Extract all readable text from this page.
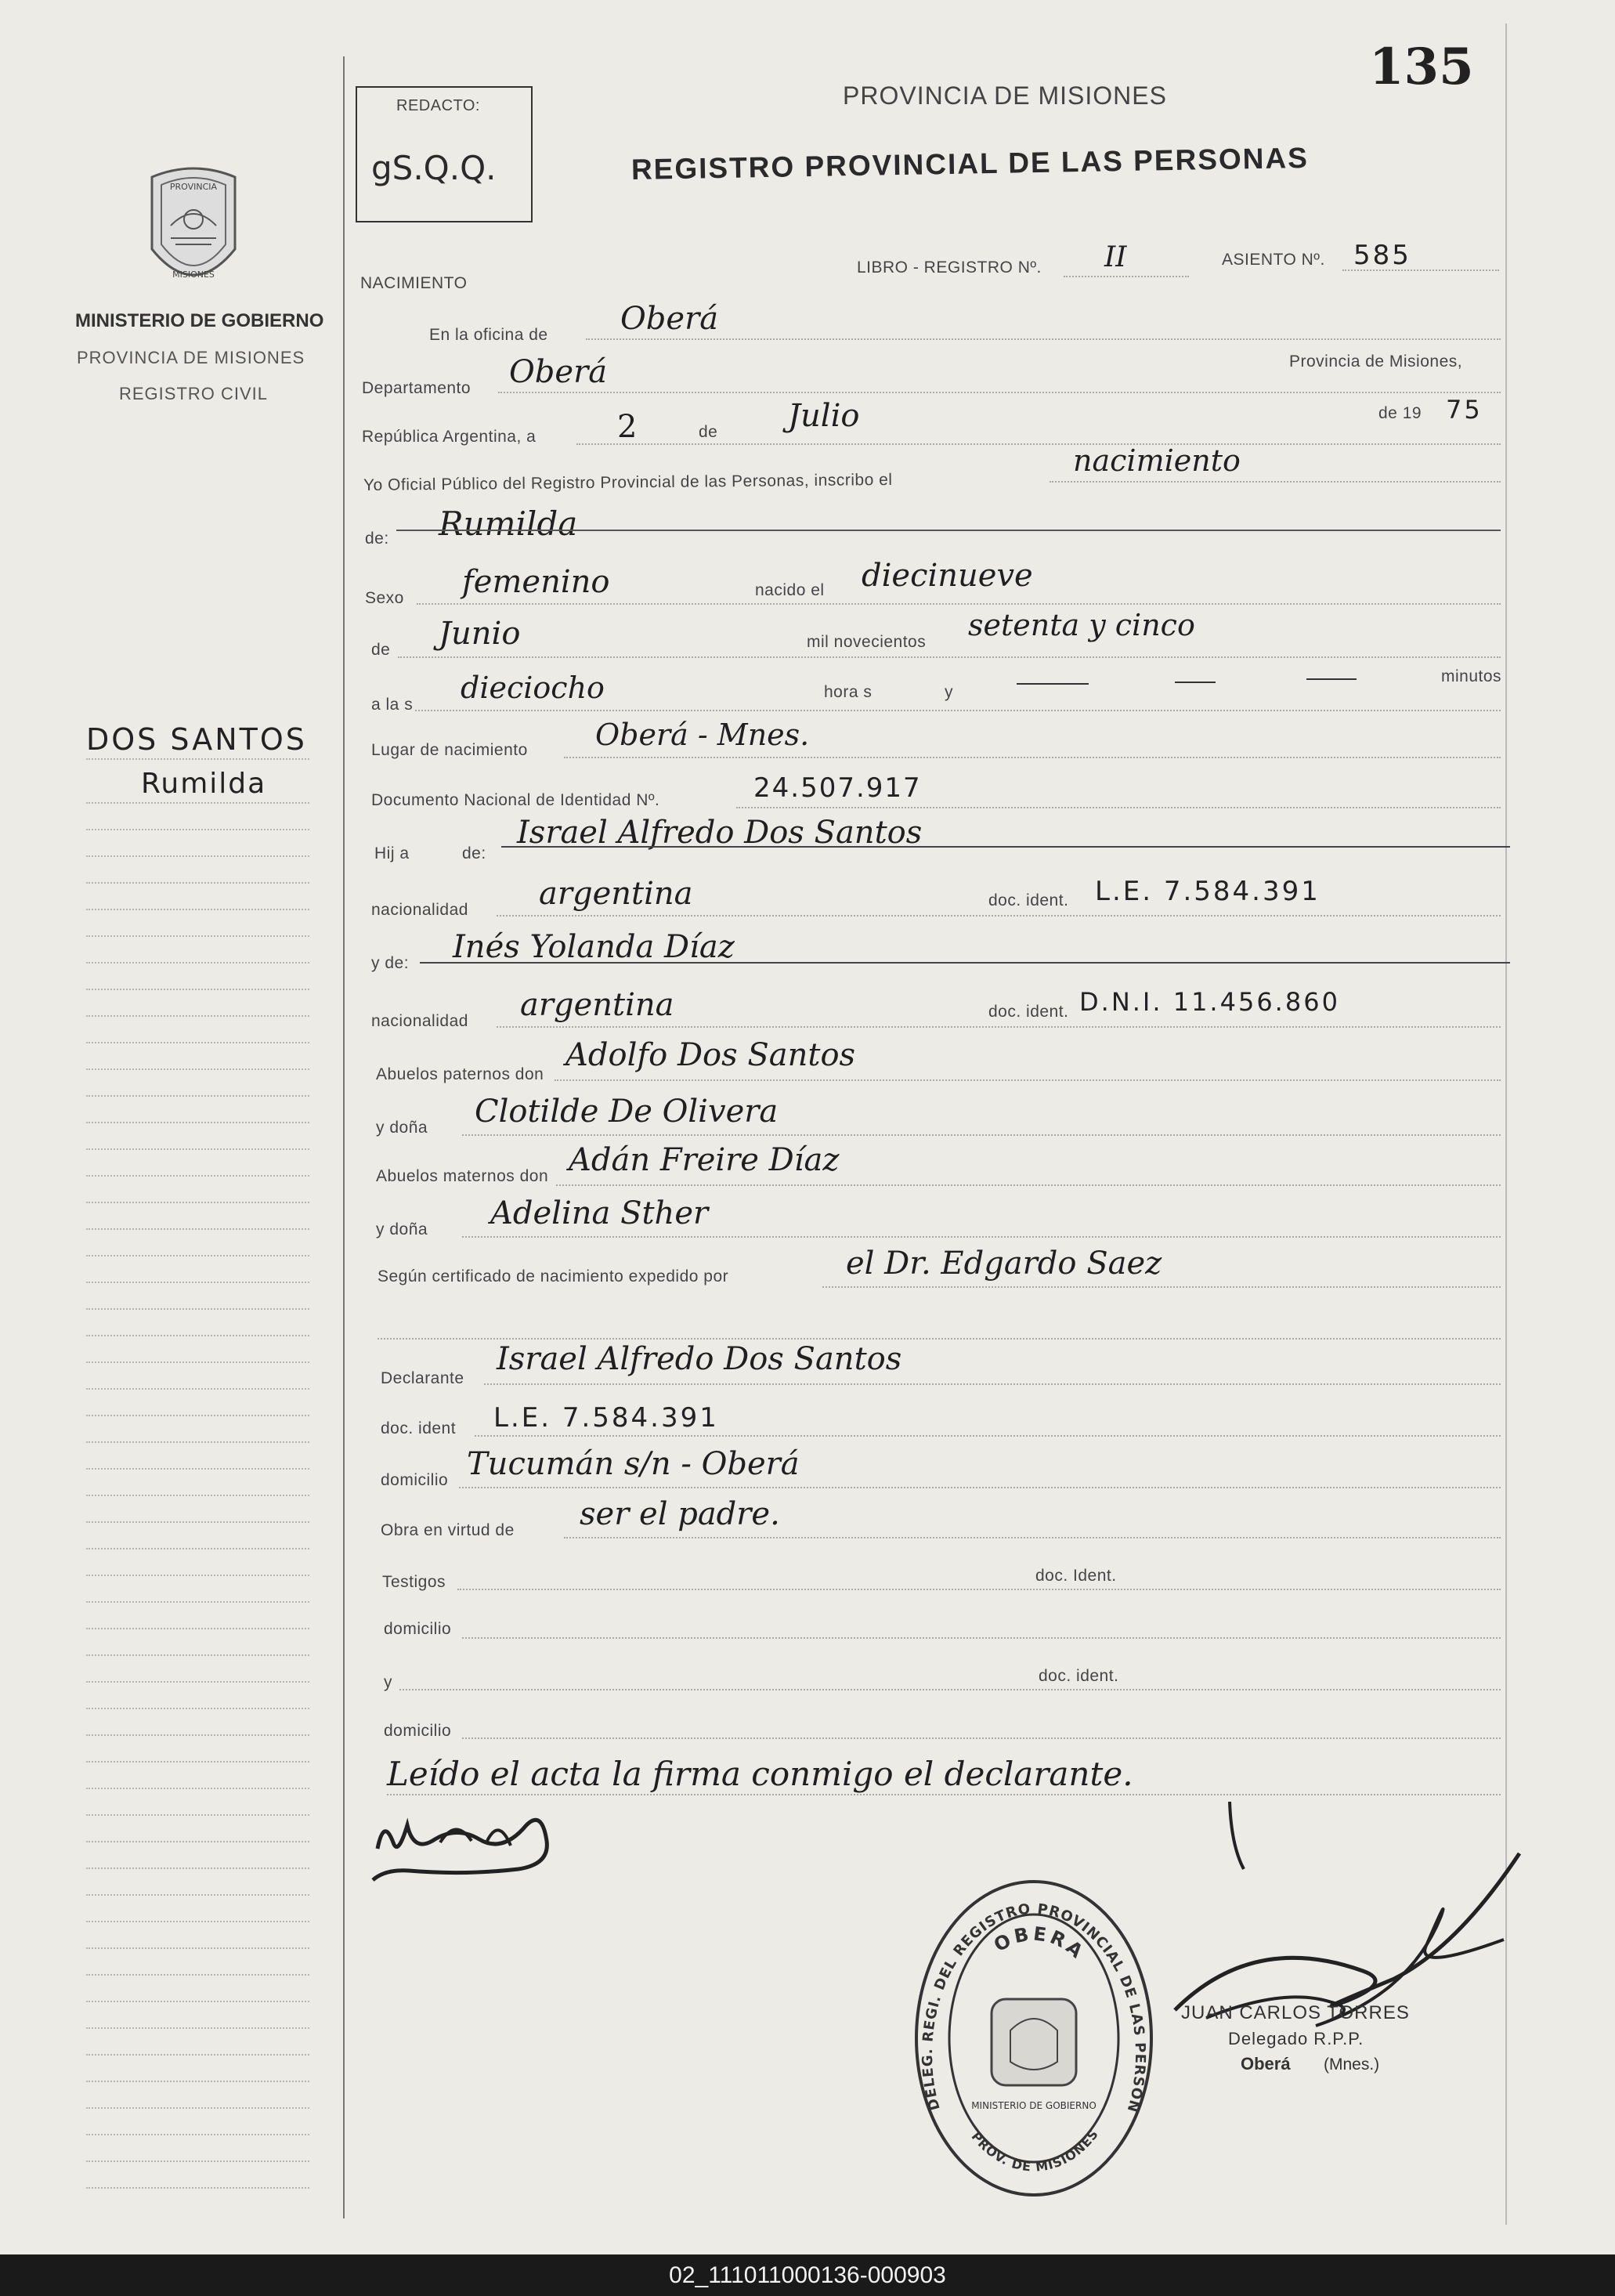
135
REDACTO:
gS.Q.Q.
PROVINCIA DE MISIONES
REGISTRO PROVINCIAL DE LAS PERSONAS
PROVINCIA
MISIONES
MINISTERIO DE GOBIERNO
PROVINCIA DE MISIONES
REGISTRO CIVIL
DOS SANTOS
Rumilda
NACIMIENTO
LIBRO - REGISTRO Nº. II	ASIENTO Nº. 585
En la oficina de Oberá
Departamento Oberá	Provincia de Misiones,
República Argentina, a	2	de Julio	de 19 75
Yo Oficial Público del Registro Provincial de las Personas, inscribo el
nacimiento
de: Rumilda
Sexo femenino	nacido el diecinueve
de Junio	mil novecientos setenta y cinco
a la s dieciocho	hora s	y
minutos
Lugar de nacimiento Oberá - Mnes.
Documento Nacional de Identidad Nº.	24.507.917
Hij a	de:
Israel Alfredo Dos Santos
nacionalidad argentina	doc. ident. L.E. 7.584.391
y de: Inés Yolanda Díaz
nacionalidad argentina	doc. ident. D.N.I. 11.456.860
Abuelos paternos don
Adolfo Dos Santos
y doña Clotilde De Olivera
Abuelos maternos don Adán Freire Díaz
y doña Adelina Sther
Según certificado de nacimiento expedido por	el Dr. Edgardo Saez
Declarante
Israel Alfredo Dos Santos
doc. ident L.E. 7.584.391
domicilio Tucumán s/n - Oberá
Obra en virtud de ser el padre.
Testigos	doc. Ident.
domicilio
y	doc. ident.
domicilio
Leído el acta la firma conmigo el declarante.
DELEG. REGI. DEL REGISTRO PROVINCIAL DE LAS PERSON
OBERA
PROV. DE MISIONES
MINISTERIO DE GOBIERNO
JUAN CARLOS TORRES
Delegado R.P.P.
Oberá (Mnes.)
02_111011000136-000903
